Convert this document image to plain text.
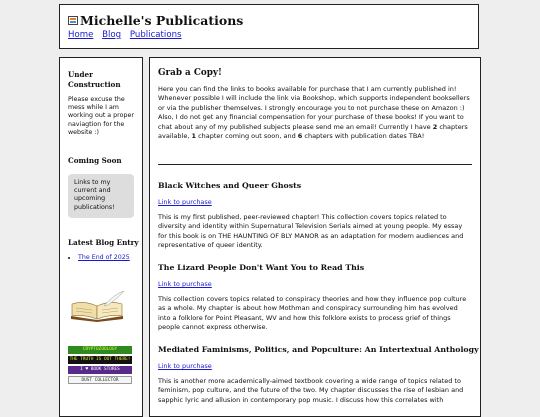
Michelle's Publications
Home Blog Publications
Under Construction

Please excuse the mess while I am working out a proper naviagtion for the website :)

Coming Soon
Links to my current and upcoming publications!
Latest Blog Entry
• The End of 2025
CRYPTOZOOLOGY
THE TRUTH IS OUT THERE!
I ♥ BOOK STORES
DUST COLLECTOR
Grab a Copy!

Here you can find the links to books available for purchase that I am currently published in! Whenever possible I will include the link via Bookshop, which supports independent booksellers or via the publisher themselves. I strongly encourage you to not purchase these on Amazon :) Also, I do not get any financial compensation for your purchase of these books! If you want to chat about any of my published subjects please send me an email! Currently I have 2 chapters available, 1 chapter coming out soon, and 6 chapters with publication dates TBA!

Black Witches and Queer Ghosts
Link to purchase

This is my first published, peer-reviewed chapter! This collection covers topics related to diversity and identity within Supernatural Television Serials aimed at young people. My essay for this book is on THE HAUNTING OF BLY MANOR as an adaptation for modern audiences and representative of queer identity.

The Lizard People Don't Want You to Read This
Link to purchase

This collection covers topics related to conspiracy theories and how they influence pop culture as a whole. My chapter is about how Mothman and conspiracy surrounding him has evolved into a folklore for Point Pleasant, WV and how this folklore exists to process grief of things people cannot express otherwise.

Mediated Faminisms, Politics, and Popculture: An Intertextual Anthology
Link to purchase

This is another more academically-aimed textbook covering a wide range of topics related to feminism, pop culture, and the future of the two. My chapter discusses the rise of lesbian and sapphic lyric and allusion in contemporary pop music. I discuss how this correlates with
